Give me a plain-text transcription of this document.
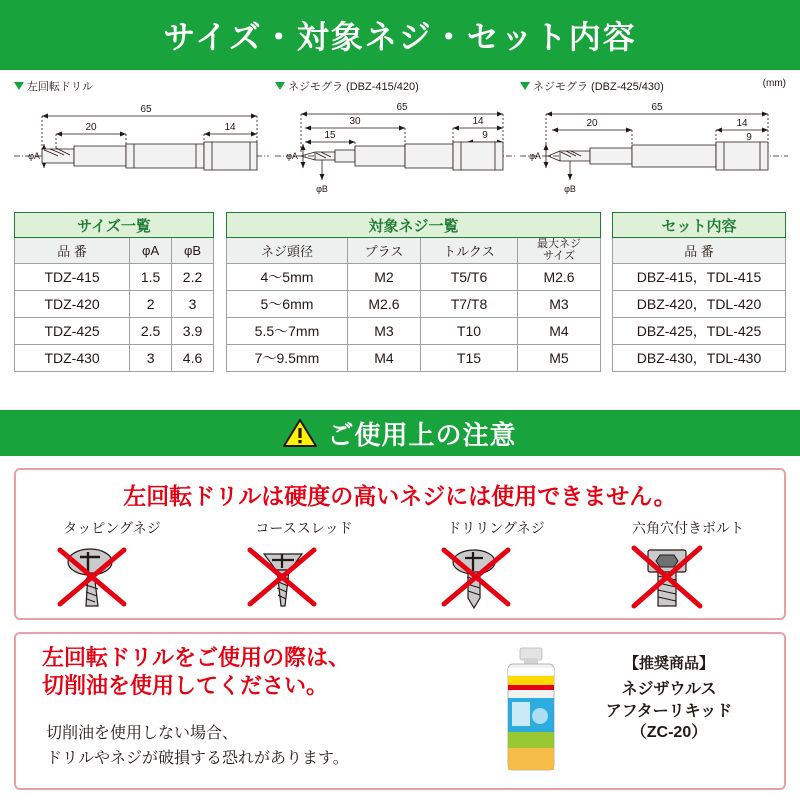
サイズ・対象ネジ・セット内容
左回転ドリル
65
20	14
φA
ネジモグラ (DBZ-415/420)
65
30
15
14
9
φA
φB
ネジモグラ (DBZ-425/430)	(mm)
65
20	14
9
φA
φB
サイズ一覧		
品 番	φA	φB
TDZ-415	1.5	2.2
TDZ-420	2	3
TDZ-425	2.5	3.9
TDZ-430	3	4.6
対象ネジ一覧			
ネジ頭径	プラス	トルクス	最大ネジ
サイズ
4～5mm	M2	T5/T6	M2.6
5～6mm	M2.6	T7/T8	M3
5.5～7mm	M3	T10	M4
7～9.5mm	M4	T15	M5
セット内容
品 番
DBZ-415，TDL-415
DBZ-420，TDL-420
DBZ-425，TDL-425
DBZ-430，TDL-430
ご使用上の注意
左回転ドリルは硬度の高いネジには使用できません。
タッピングネジ	コーススレッド	ドリリングネジ	六角穴付きボルト
左回転ドリルをご使用の際は、
切削油を使用してください。
切削油を使用しない場合、
ドリルやネジが破損する恐れがあります。
【推奨商品】
ネジザウルス
アフターリキッド
（ZC-20）
